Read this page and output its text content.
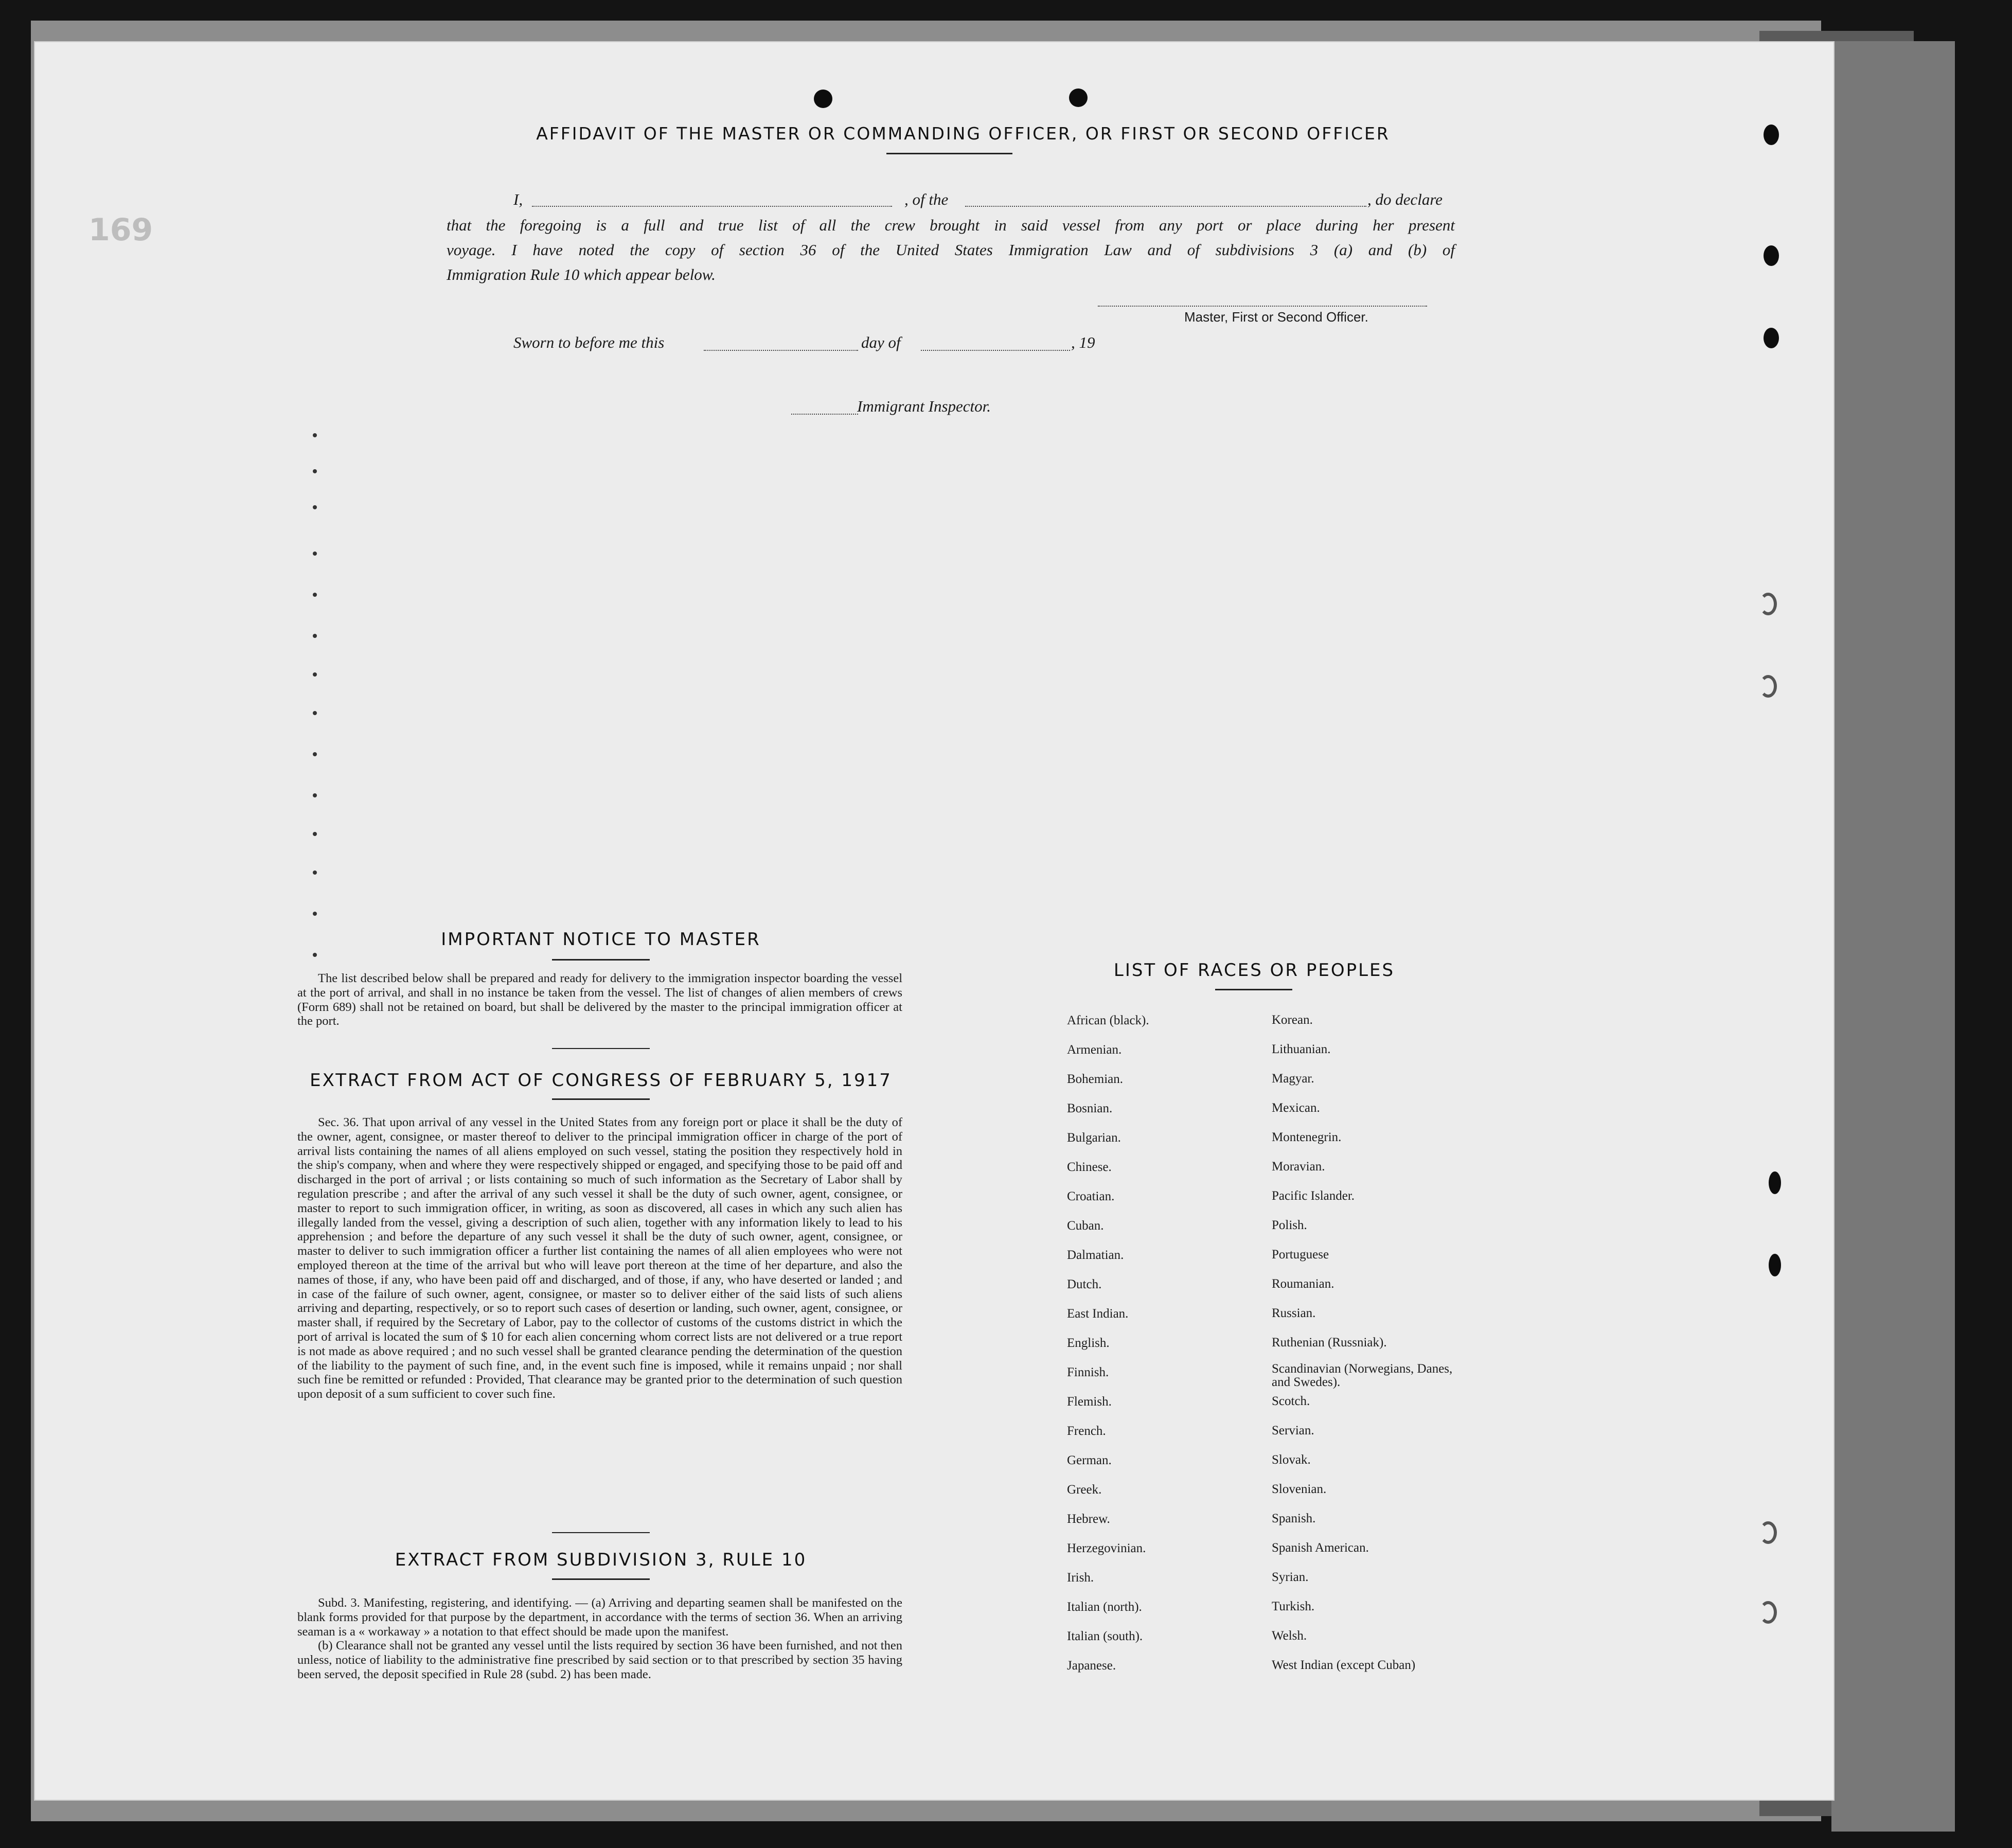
169
AFFIDAVIT OF THE MASTER OR COMMANDING OFFICER, OR FIRST OR SECOND OFFICER
I,	, of the	, do declare
that the foregoing is a full and true list of all the crew brought in said vessel from any port or place during her present
voyage. I have noted the copy of section 36 of the United States Immigration Law and of subdivisions 3 (a) and (b) of
Immigration Rule 10 which appear below.
Master, First or Second Officer.
Sworn to before me this	day of	, 19
Immigrant Inspector.
IMPORTANT NOTICE TO MASTER

The list described below shall be prepared and ready for delivery to the immigration inspector boarding the vessel at the port of arrival, and shall in no instance be taken from the vessel. The list of changes of alien members of crews (Form 689) shall not be retained on board, but shall be delivered by the master to the principal immigration officer at the port.

EXTRACT FROM ACT OF CONGRESS OF FEBRUARY 5, 1917

Sec. 36. That upon arrival of any vessel in the United States from any foreign port or place it shall be the duty of the owner, agent, consignee, or master thereof to deliver to the principal immigration officer in charge of the port of arrival lists containing the names of all aliens employed on such vessel, stating the position they respectively hold in the ship's company, when and where they were respectively shipped or engaged, and specifying those to be paid off and discharged in the port of arrival ; or lists containing so much of such information as the Secretary of Labor shall by regulation prescribe ; and after the arrival of any such vessel it shall be the duty of such owner, agent, consignee, or master to report to such immigration officer, in writing, as soon as discovered, all cases in which any such alien has illegally landed from the vessel, giving a description of such alien, together with any information likely to lead to his apprehension ; and before the departure of any such vessel it shall be the duty of such owner, agent, consignee, or master to deliver to such immigration officer a further list containing the names of all alien employees who were not employed thereon at the time of the arrival but who will leave port thereon at the time of her departure, and also the names of those, if any, who have been paid off and discharged, and of those, if any, who have deserted or landed ; and in case of the failure of such owner, agent, consignee, or master so to deliver either of the said lists of such aliens arriving and departing, respectively, or so to report such cases of desertion or landing, such owner, agent, consignee, or master shall, if required by the Secretary of Labor, pay to the collector of customs of the customs district in which the port of arrival is located the sum of $ 10 for each alien concerning whom correct lists are not delivered or a true report is not made as above required ; and no such vessel shall be granted clearance pending the determination of the question of the liability to the payment of such fine, and, in the event such fine is imposed, while it remains unpaid ; nor shall such fine be remitted or refunded : Provided, That clearance may be granted prior to the determination of such question upon deposit of a sum sufficient to cover such fine.

EXTRACT FROM SUBDIVISION 3, RULE 10

Subd. 3. Manifesting, registering, and identifying. — (a) Arriving and departing seamen shall be manifested on the blank forms provided for that purpose by the department, in accordance with the terms of section 36. When an arriving seaman is a « workaway » a notation to that effect should be made upon the manifest.

(b) Clearance shall not be granted any vessel until the lists required by section 36 have been furnished, and not then unless, notice of liability to the administrative fine prescribed by said section or to that prescribed by section 35 having been served, the deposit specified in Rule 28 (subd. 2) has been made.

LIST OF RACES OR PEOPLES
African (black).	Korean.
Armenian.	Lithuanian.
Bohemian.	Magyar.
Bosnian.	Mexican.
Bulgarian.	Montenegrin.
Chinese.	Moravian.
Croatian.	Pacific Islander.
Cuban.	Polish.
Dalmatian.	Portuguese
Dutch.	Roumanian.
East Indian.	Russian.
English.	Ruthenian (Russniak).
Finnish.	Scandinavian (Norwegians, Danes, and Swedes).
Flemish.	Scotch.
French.	Servian.
German.	Slovak.
Greek.	Slovenian.
Hebrew.	Spanish.
Herzegovinian.	Spanish American.
Irish.	Syrian.
Italian (north).	Turkish.
Italian (south).	Welsh.
Japanese.	West Indian (except Cuban)
